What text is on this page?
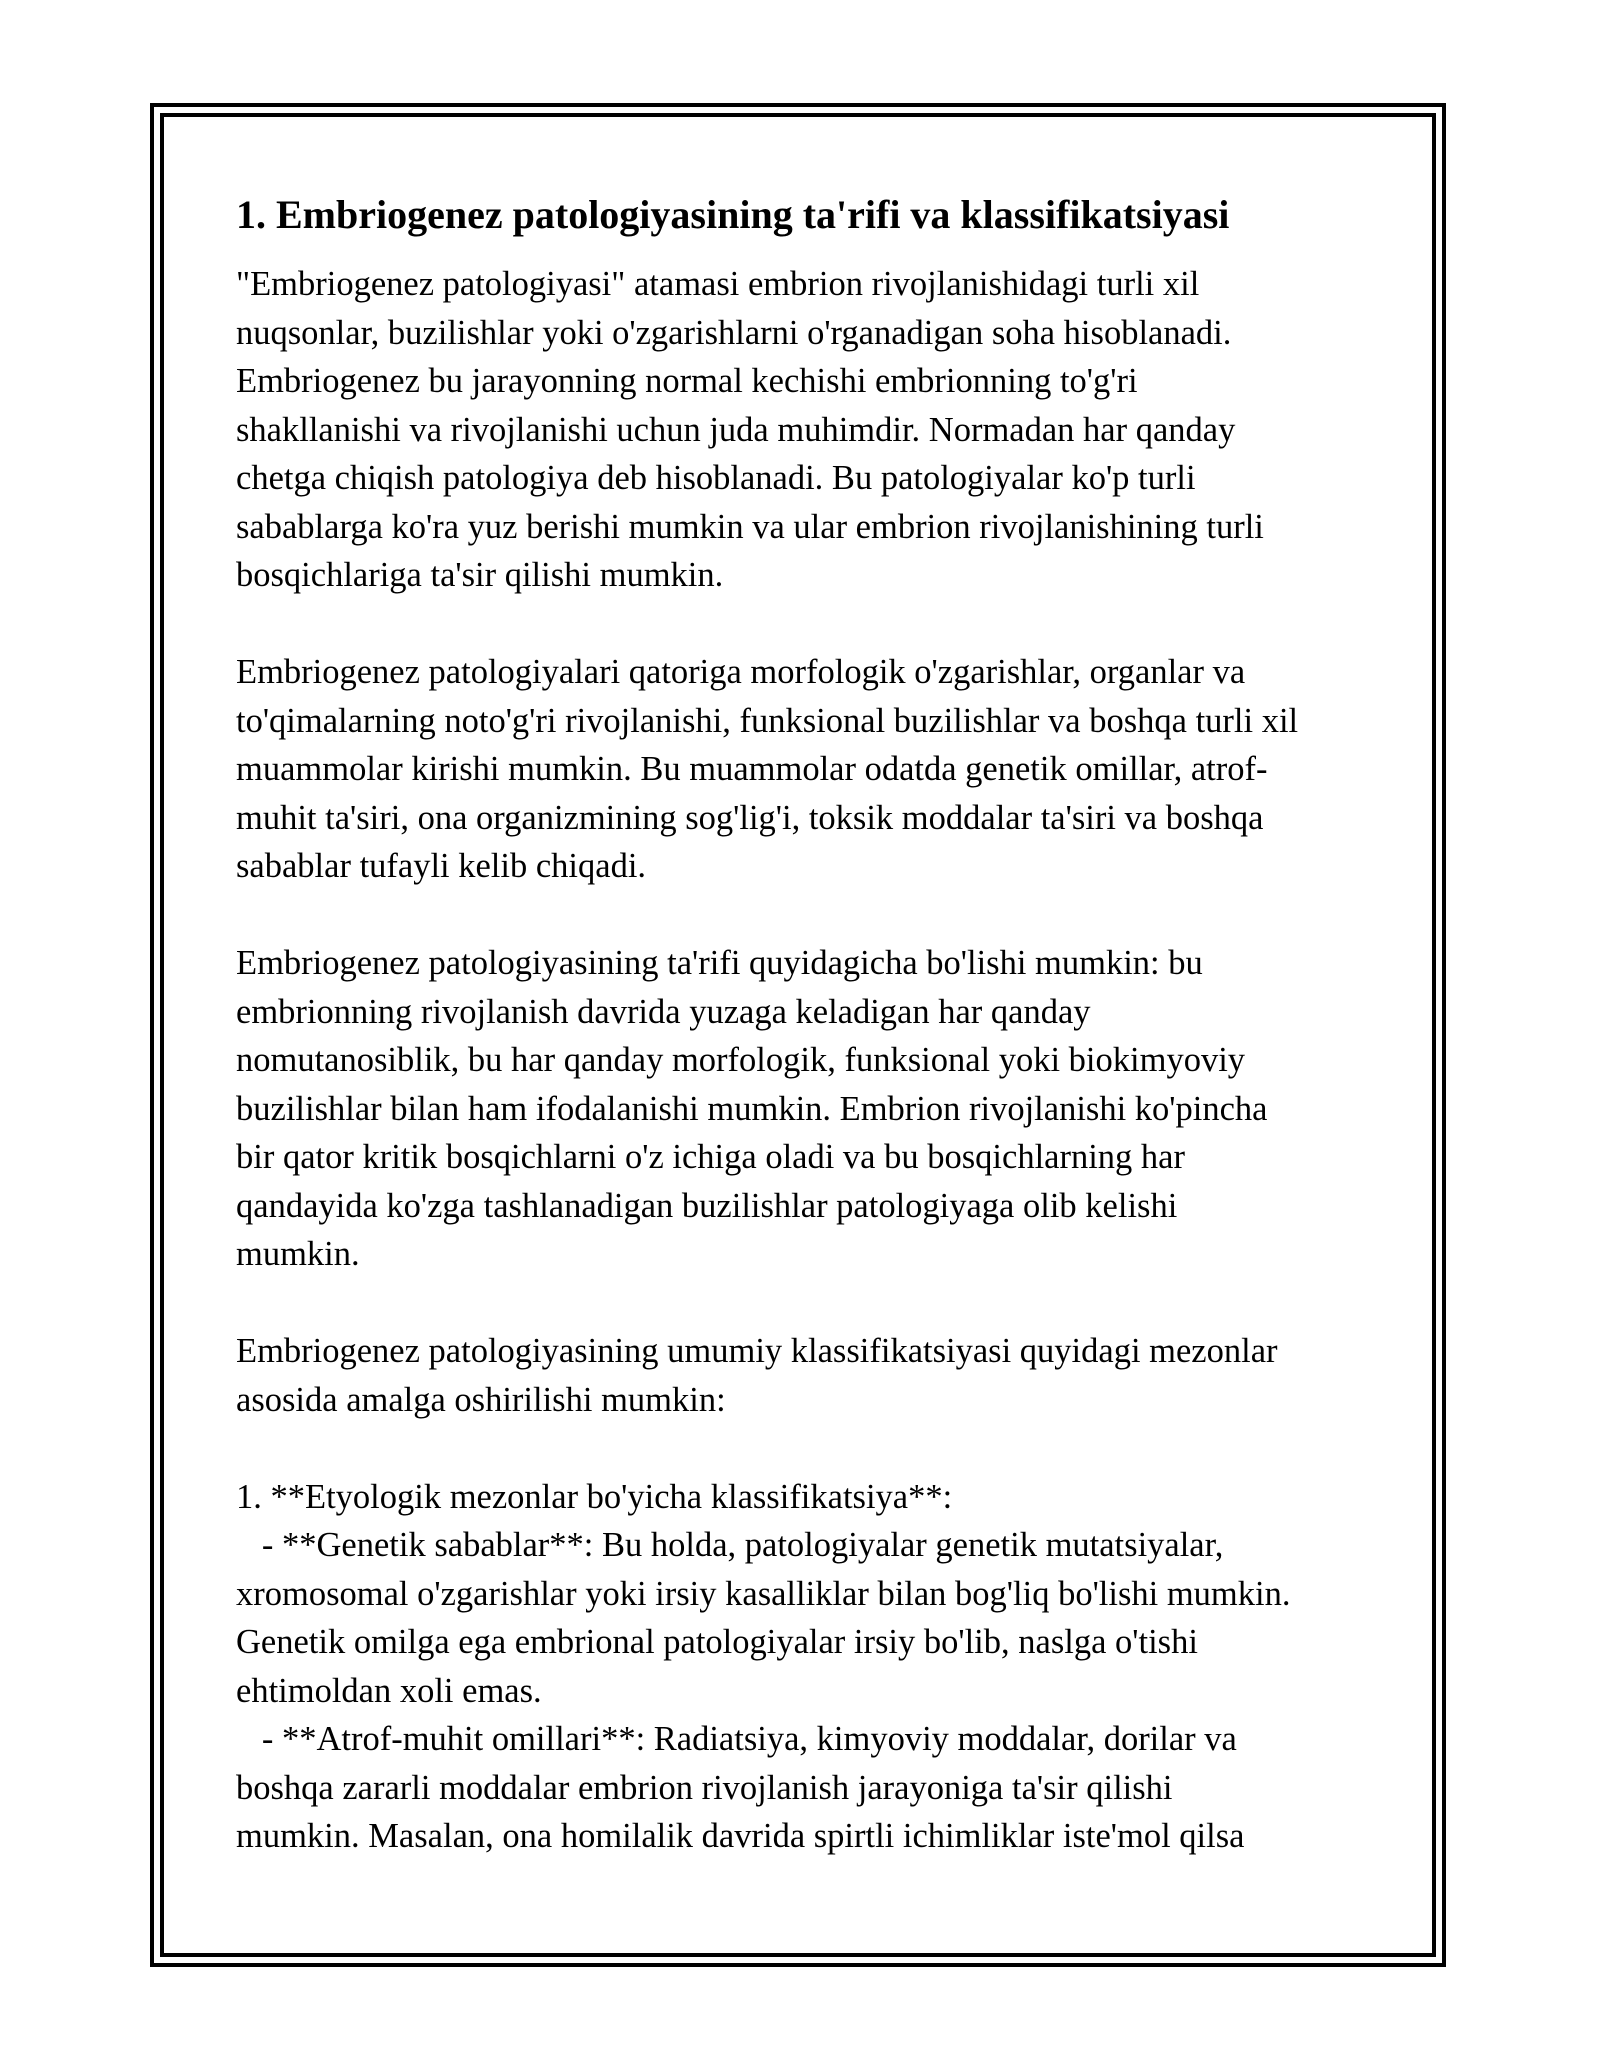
1. Embriogenez patologiyasining ta'rifi va klassifikatsiyasi

"Embriogenez patologiyasi" atamasi embrion rivojlanishidagi turli xil
nuqsonlar, buzilishlar yoki o'zgarishlarni o'rganadigan soha hisoblanadi.
Embriogenez bu jarayonning normal kechishi embrionning to'g'ri
shakllanishi va rivojlanishi uchun juda muhimdir. Normadan har qanday
chetga chiqish patologiya deb hisoblanadi. Bu patologiyalar ko'p turli
sabablarga ko'ra yuz berishi mumkin va ular embrion rivojlanishining turli
bosqichlariga ta'sir qilishi mumkin.

Embriogenez patologiyalari qatoriga morfologik o'zgarishlar, organlar va
to'qimalarning noto'g'ri rivojlanishi, funksional buzilishlar va boshqa turli xil
muammolar kirishi mumkin. Bu muammolar odatda genetik omillar, atrof-
muhit ta'siri, ona organizmining sog'lig'i, toksik moddalar ta'siri va boshqa
sabablar tufayli kelib chiqadi.

Embriogenez patologiyasining ta'rifi quyidagicha bo'lishi mumkin: bu
embrionning rivojlanish davrida yuzaga keladigan har qanday
nomutanosiblik, bu har qanday morfologik, funksional yoki biokimyoviy
buzilishlar bilan ham ifodalanishi mumkin. Embrion rivojlanishi ko'pincha
bir qator kritik bosqichlarni o'z ichiga oladi va bu bosqichlarning har
qandayida ko'zga tashlanadigan buzilishlar patologiyaga olib kelishi
mumkin.

Embriogenez patologiyasining umumiy klassifikatsiyasi quyidagi mezonlar
asosida amalga oshirilishi mumkin:

1. **Etyologik mezonlar bo'yicha klassifikatsiya**:
- **Genetik sabablar**: Bu holda, patologiyalar genetik mutatsiyalar,
xromosomal o'zgarishlar yoki irsiy kasalliklar bilan bog'liq bo'lishi mumkin.
Genetik omilga ega embrional patologiyalar irsiy bo'lib, naslga o'tishi
ehtimoldan xoli emas.
- **Atrof-muhit omillari**: Radiatsiya, kimyoviy moddalar, dorilar va
boshqa zararli moddalar embrion rivojlanish jarayoniga ta'sir qilishi
mumkin. Masalan, ona homilalik davrida spirtli ichimliklar iste'mol qilsa
